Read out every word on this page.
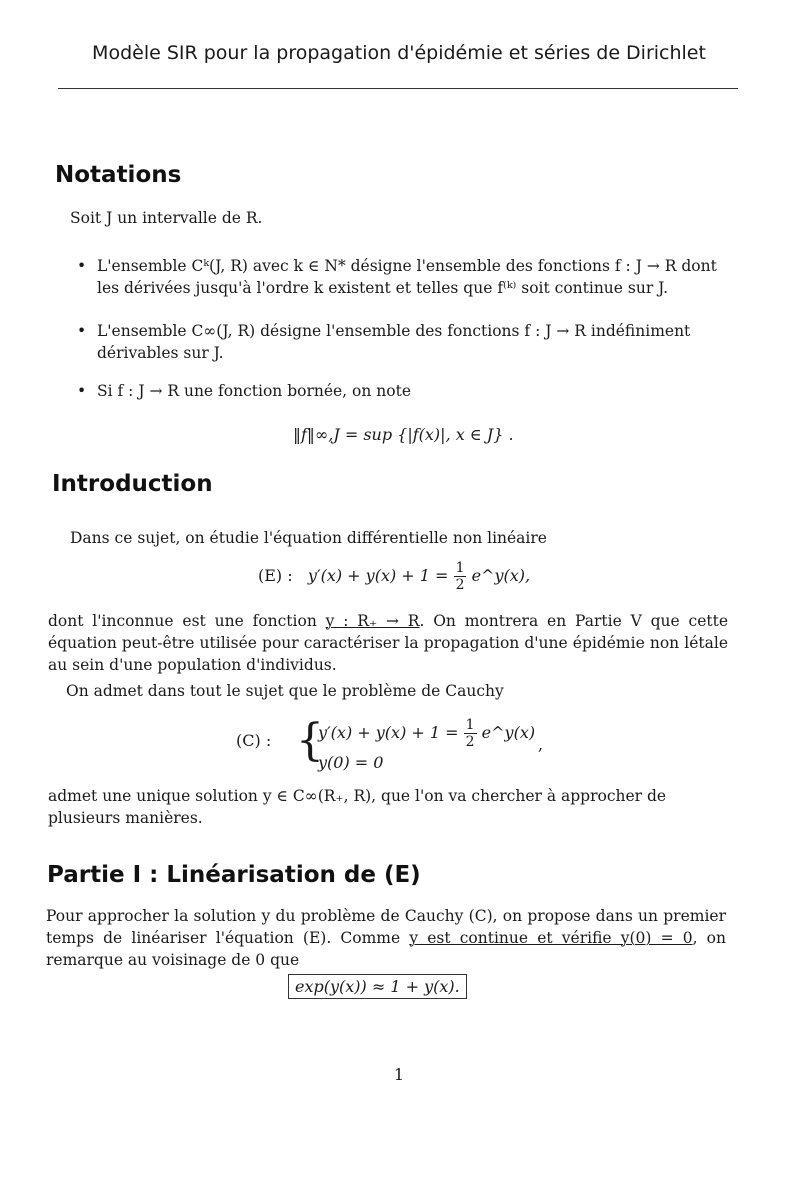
Modèle SIR pour la propagation d'épidémie et séries de Dirichlet
Notations
Soit J un intervalle de R.
• L'ensemble Cᵏ(J, R) avec k ∈ N* désigne l'ensemble des fonctions f : J → R dont les dérivées jusqu'à l'ordre k existent et telles que f⁽ᵏ⁾ soit continue sur J.
• L'ensemble C∞(J, R) désigne l'ensemble des fonctions f : J → R indéfiniment dérivables sur J.
• Si f : J → R une fonction bornée, on note
‖f‖∞,J = sup {|f(x)|, x ∈ J} .
Introduction
Dans ce sujet, on étudie l'équation différentielle non linéaire
(E) : $y'(x) + y(x) + 1 = \frac{1}{2}$ e^y(x),
dont l'inconnue est une fonction y : R₊ → R. On montrera en Partie V que cette équation peut-être utilisée pour caractériser la propagation d'une épidémie non létale au sein d'une population d'individus.
On admet dans tout le sujet que le problème de Cauchy
(C) : {
$y'(x) + y(x) + 1 = \frac{1}{2}$ e^y(x)
y(0) = 0
,
admet une unique solution y ∈ C∞(R₊, R), que l'on va chercher à approcher de plusieurs manières.
Partie I : Linéarisation de (E)
Pour approcher la solution y du problème de Cauchy (C), on propose dans un premier temps de linéariser l'équation (E). Comme y est continue et vérifie y(0) = 0, on remarque au voisinage de 0 que
exp(y(x)) ≈ 1 + y(x).
1
